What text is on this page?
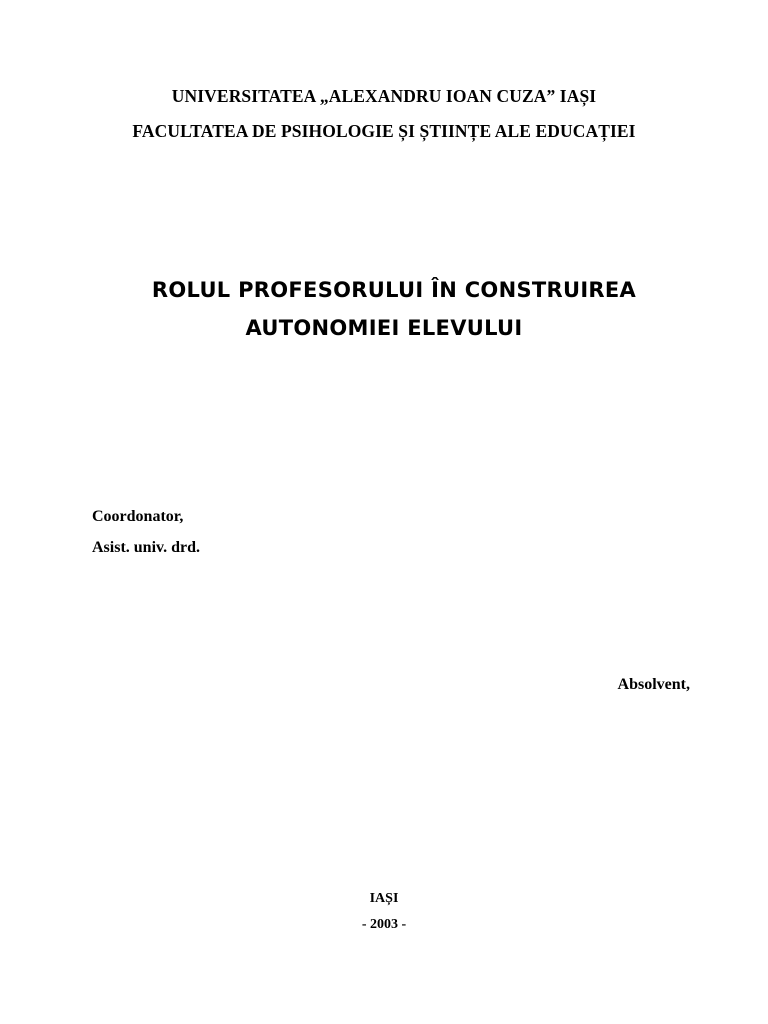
UNIVERSITATEA „ALEXANDRU IOAN CUZA” IAȘI
FACULTATEA DE PSIHOLOGIE ȘI ȘTIINȚE ALE EDUCAȚIEI
ROLUL PROFESORULUI ÎN CONSTRUIREA
AUTONOMIEI ELEVULUI
Coordonator,
Asist. univ. drd.
Absolvent,
IAȘI
- 2003 -
